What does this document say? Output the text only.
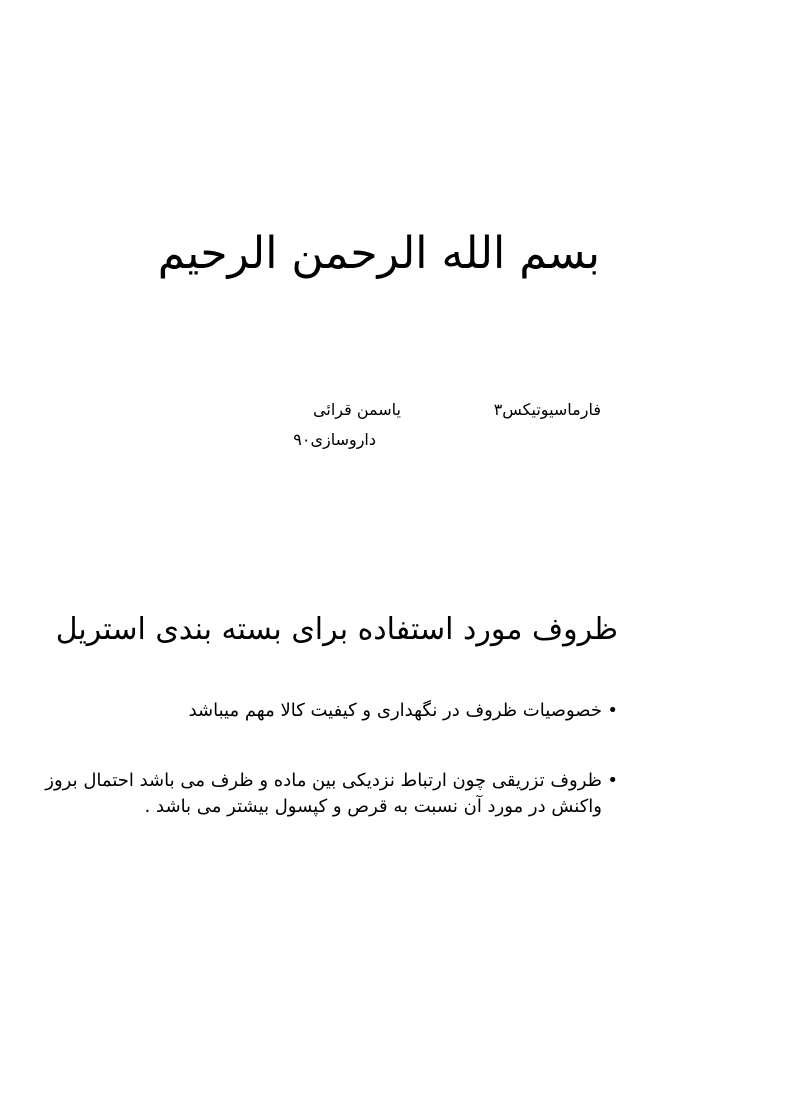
بسم الله الرحمن الرحیم
فارماسیوتیکس۳
یاسمن قرائی
داروسازی۹۰
ظروف مورد استفاده برای بسته بندی استریل
•
خصوصیات ظروف در نگهداری و کیفیت کالا مهم میباشد
•
ظروف تزریقی چون ارتباط نزدیکی بین ماده و ظرف می باشد احتمال بروز واکنش در مورد آن نسبت به قرص و کپسول بیشتر می باشد .
